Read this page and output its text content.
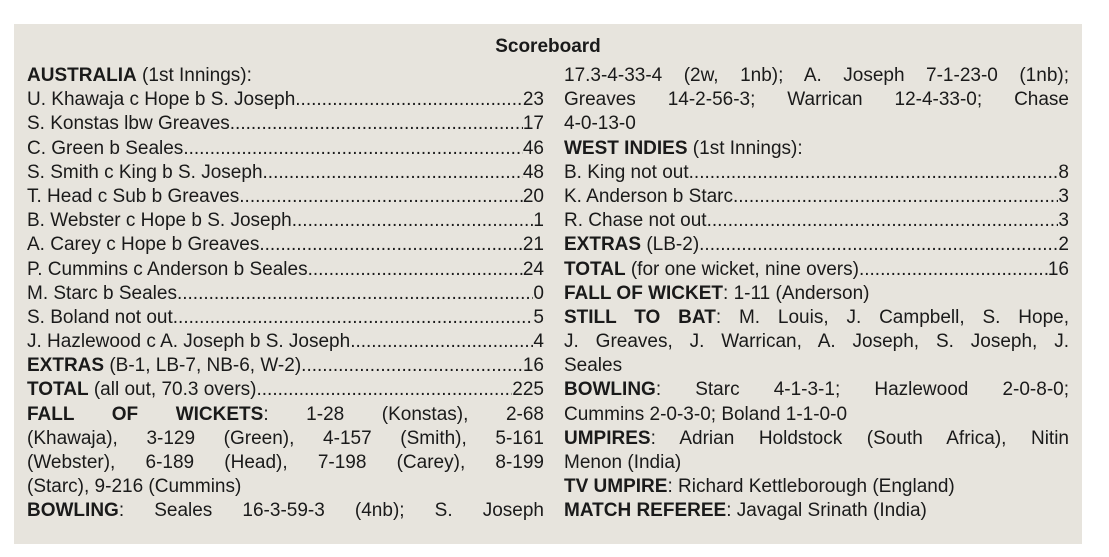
Scoreboard
AUSTRALIA (1st Innings):
U. Khawaja c Hope b S. Joseph .....	23
S. Konstas lbw Greaves .....	17
C. Green b Seales .....	46
S. Smith c King b S. Joseph .....	48
T. Head c Sub b Greaves .....	20
B. Webster c Hope b S. Joseph .....	1
A. Carey c Hope b Greaves .....	21
P. Cummins c Anderson b Seales .....	24
M. Starc b Seales .....	0
S. Boland not out .....	5
J. Hazlewood c A. Joseph b S. Joseph .....	4
EXTRAS (B-1, LB-7, NB-6, W-2) .....	16
TOTAL (all out, 70.3 overs) .....	225
FALL OF WICKETS: 1-28 (Konstas), 2-68
(Khawaja), 3-129 (Green), 4-157 (Smith), 5-161
(Webster), 6-189 (Head), 7-198 (Carey), 8-199
(Starc), 9-216 (Cummins)
BOWLING: Seales 16-3-59-3 (4nb); S. Joseph
17.3-4-33-4 (2w, 1nb); A. Joseph 7-1-23-0 (1nb);
Greaves 14-2-56-3; Warrican 12-4-33-0; Chase
4-0-13-0
WEST INDIES (1st Innings):
B. King not out .....	8
K. Anderson b Starc .....	3
R. Chase not out .....	3
EXTRAS (LB-2) .....	2
TOTAL (for one wicket, nine overs) .....	16
FALL OF WICKET: 1-11 (Anderson)
STILL TO BAT: M. Louis, J. Campbell, S. Hope,
J. Greaves, J. Warrican, A. Joseph, S. Joseph, J.
Seales
BOWLING: Starc 4-1-3-1; Hazlewood 2-0-8-0;
Cummins 2-0-3-0; Boland 1-1-0-0
UMPIRES: Adrian Holdstock (South Africa), Nitin
Menon (India)
TV UMPIRE: Richard Kettleborough (England)
MATCH REFEREE: Javagal Srinath (India)
